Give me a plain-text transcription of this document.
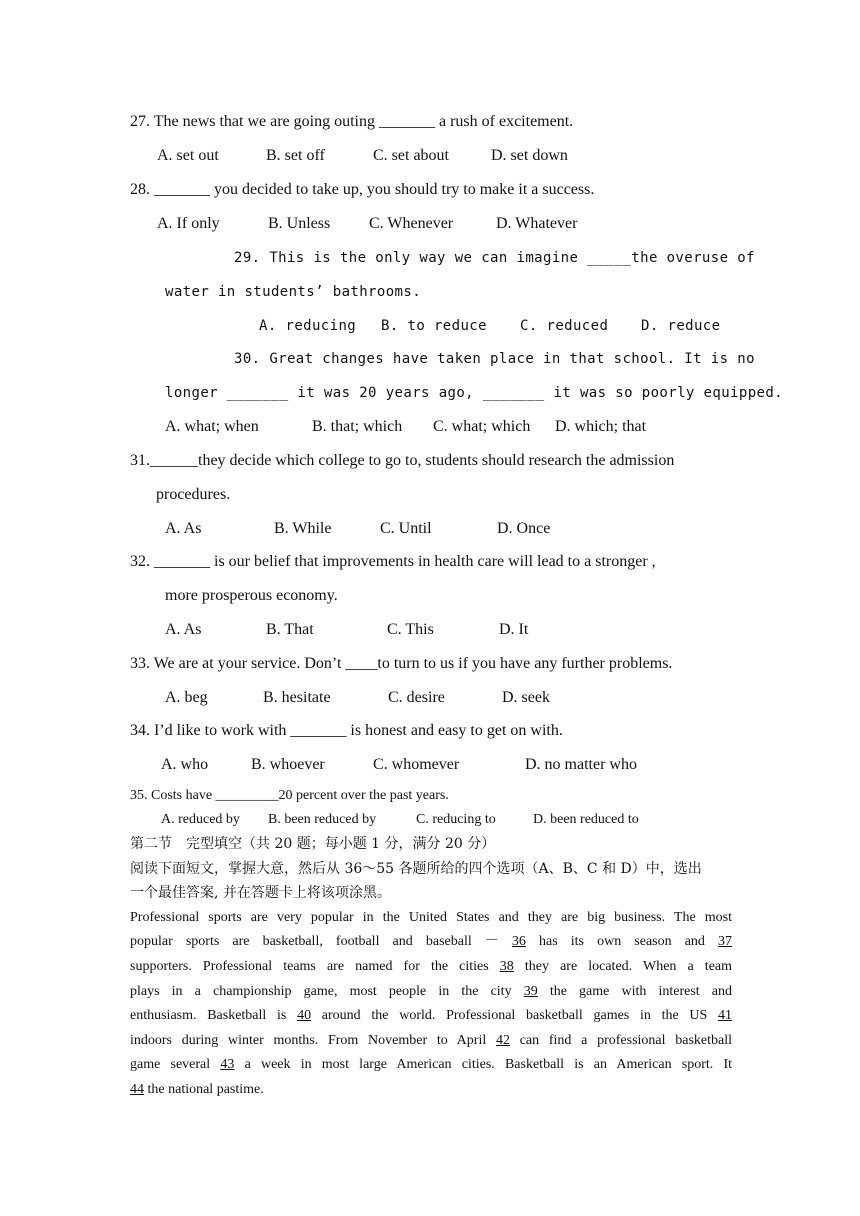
27. The news that we are going outing _______ a rush of excitement.
A. set out	B. set off	C. set about	D. set down
28. _______ you decided to take up, you should try to make it a success.
A. If only	B. Unless C. Whenever	D. Whatever
29. This is the only way we can imagine _____the overuse of
water in students’ bathrooms.
A. reducing B. to reduce C. reduced D. reduce
30. Great changes have taken place in that school. It is no
longer _______ it was 20 years ago, _______ it was so poorly equipped.
A. what; when	B. that; which C. what; which D. which; that
31.______they decide which college to go to, students should research the admission
procedures.
A. As	B. While	C. Until	D. Once
32. _______ is our belief that improvements in health care will lead to a stronger ,
more prosperous economy.
A. As	B. That	C. This	D. It
33. We are at your service. Don’t ____to turn to us if you have any further problems.
A. beg	B. hesitate	C. desire	D. seek
34. I’d like to work with _______ is honest and easy to get on with.
A. who	B. whoever	C. whomever	D. no matter who
35. Costs have _________20 percent over the past years.
A. reduced by B. been reduced by	C. reducing to	D. been reduced to
第二节　完型填空（共 20 题；每小题 1 分，满分 20 分）
阅读下面短文，掌握大意，然后从 36～55 各题所给的四个选项（A、B、C 和 D）中，选出
一个最佳答案, 并在答题卡上将该项涂黑。
Professional sports are very popular in the United States and they are big business. The most
popular sports are basketball, football and baseball － 36 has its own season and 37
supporters. Professional teams are named for the cities 38 they are located. When a team
plays in a championship game, most people in the city 39 the game with interest and
enthusiasm. Basketball is 40 around the world. Professional basketball games in the US 41
indoors during winter months. From November to April 42 can find a professional basketball
game several 43 a week in most large American cities. Basketball is an American sport. It
44 the national pastime.
